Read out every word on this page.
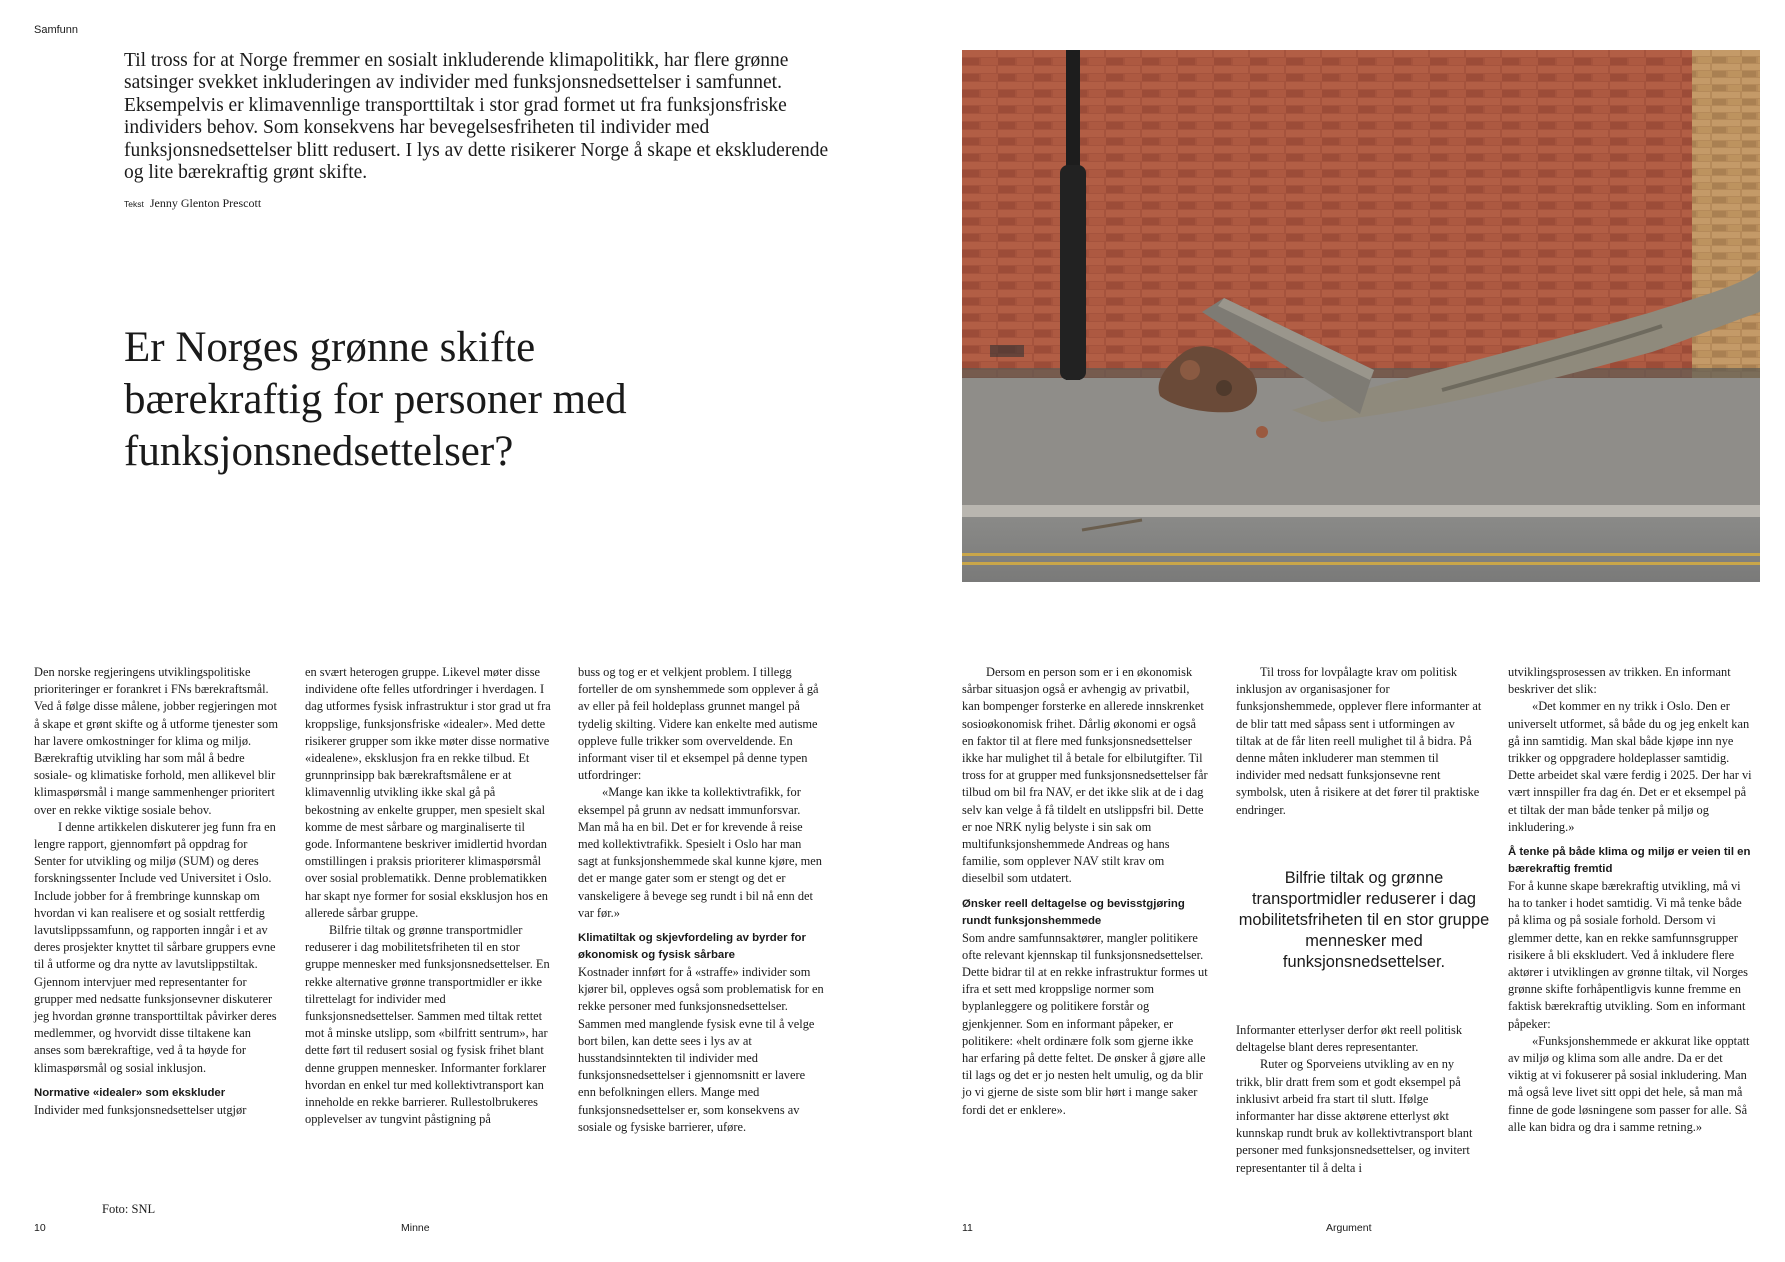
Samfunn
Til tross for at Norge fremmer en sosialt inkluderende klimapolitikk, har flere grønne satsinger svekket inkluderingen av individer med funksjonsnedsettelser i samfunnet. Eksempelvis er klimavennlige transporttiltak i stor grad formet ut fra funksjonsfriske individers behov. Som konsekvens har bevegelsesfriheten til individer med funksjonsnedsettelser blitt redusert. I lys av dette risikerer Norge å skape et ekskluderende og lite bærekraftig grønt skifte.
Tekst Jenny Glenton Prescott
Er Norges grønne skifte bærekraftig for personer med funksjonsnedsettelser?

Den norske regjeringens utviklingspolitiske prioriteringer er forankret i FNs bærekraftsmål. Ved å følge disse målene, jobber regjeringen mot å skape et grønt skifte og å utforme tjenester som har lavere omkostninger for klima og miljø. Bærekraftig utvikling har som mål å bedre sosiale- og klimatiske forhold, men allikevel blir klimaspørsmål i mange sammenhenger prioritert over en rekke viktige sosiale behov.

I denne artikkelen diskuterer jeg funn fra en lengre rapport, gjennomført på oppdrag for Senter for utvikling og miljø (SUM) og deres forskningssenter Include ved Universitet i Oslo. Include jobber for å frembringe kunnskap om hvordan vi kan realisere et og sosialt rettferdig lavutslippssamfunn, og rapporten inngår i et av deres prosjekter knyttet til sårbare gruppers evne til å utforme og dra nytte av lavutslippstiltak. Gjennom intervjuer med representanter for grupper med nedsatte funksjonsevner diskuterer jeg hvordan grønne transporttiltak påvirker deres medlemmer, og hvorvidt disse tiltakene kan anses som bærekraftige, ved å ta høyde for klimaspørsmål og sosial inklusjon.

Normative «idealer» som ekskluder

Individer med funksjonsnedsettelser utgjør

en svært heterogen gruppe. Likevel møter disse individene ofte felles utfordringer i hverdagen. I dag utformes fysisk infrastruktur i stor grad ut fra kroppslige, funksjonsfriske «idealer». Med dette risikerer grupper som ikke møter disse normative «idealene», eksklusjon fra en rekke tilbud. Et grunnprinsipp bak bærekraftsmålene er at klimavennlig utvikling ikke skal gå på bekostning av enkelte grupper, men spesielt skal komme de mest sårbare og marginaliserte til gode. Informantene beskriver imidlertid hvordan omstillingen i praksis prioriterer klimaspørsmål over sosial problematikk. Denne problematikken har skapt nye former for sosial eksklusjon hos en allerede sårbar gruppe.

Bilfrie tiltak og grønne transportmidler reduserer i dag mobilitetsfriheten til en stor gruppe mennesker med funksjonsnedsettelser. En rekke alternative grønne transportmidler er ikke tilrettelagt for individer med funksjonsnedsettelser. Sammen med tiltak rettet mot å minske utslipp, som «bilfritt sentrum», har dette ført til redusert sosial og fysisk frihet blant denne gruppen mennesker. Informanter forklarer hvordan en enkel tur med kollektivtransport kan inneholde en rekke barrierer. Rullestolbrukeres opplevelser av tungvint påstigning på

buss og tog er et velkjent problem. I tillegg forteller de om synshemmede som opplever å gå av eller på feil holdeplass grunnet mangel på tydelig skilting. Videre kan enkelte med autisme oppleve fulle trikker som overveldende. En informant viser til et eksempel på denne typen utfordringer:

«Mange kan ikke ta kollektivtrafikk, for eksempel på grunn av nedsatt immunforsvar. Man må ha en bil. Det er for krevende å reise med kollektivtrafikk. Spesielt i Oslo har man sagt at funksjonshemmede skal kunne kjøre, men det er mange gater som er stengt og det er vanskeligere å bevege seg rundt i bil nå enn det var før.»

Klimatiltak og skjevfordeling av byrder for økonomisk og fysisk sårbare

Kostnader innført for å «straffe» individer som kjører bil, oppleves også som problematisk for en rekke personer med funksjonsnedsettelser. Sammen med manglende fysisk evne til å velge bort bilen, kan dette sees i lys av at husstandsinntekten til individer med funksjonsnedsettelser i gjennomsnitt er lavere enn befolkningen ellers. Mange med funksjonsnedsettelser er, som konsekvens av sosiale og fysiske barrierer, uføre.

Dersom en person som er i en økonomisk sårbar situasjon også er avhengig av privatbil, kan bompenger forsterke en allerede innskrenket sosioøkonomisk frihet. Dårlig økonomi er også en faktor til at flere med funksjonsnedsettelser ikke har mulighet til å betale for elbilutgifter. Til tross for at grupper med funksjonsnedsettelser får tilbud om bil fra NAV, er det ikke slik at de i dag selv kan velge å få tildelt en utslippsfri bil. Dette er noe NRK nylig belyste i sin sak om multifunksjonshemmede Andreas og hans familie, som opplever NAV stilt krav om dieselbil som utdatert.

Ønsker reell deltagelse og bevisstgjøring rundt funksjonshemmede

Som andre samfunnsaktører, mangler politikere ofte relevant kjennskap til funksjonsnedsettelser. Dette bidrar til at en rekke infrastruktur formes ut ifra et sett med kroppslige normer som byplanleggere og politikere forstår og gjenkjenner. Som en informant påpeker, er politikere: «helt ordinære folk som gjerne ikke har erfaring på dette feltet. De ønsker å gjøre alle til lags og det er jo nesten helt umulig, og da blir jo vi gjerne de siste som blir hørt i mange saker fordi det er enklere».

Til tross for lovpålagte krav om politisk inklusjon av organisasjoner for funksjonshemmede, opplever flere informanter at de blir tatt med såpass sent i utformingen av tiltak at de får liten reell mulighet til å bidra. På denne måten inkluderer man stemmen til individer med nedsatt funksjonsevne rent symbolsk, uten å risikere at det fører til praktiske endringer.

Informanter etterlyser derfor økt reell politisk deltagelse blant deres representanter.

Ruter og Sporveiens utvikling av en ny trikk, blir dratt frem som et godt eksempel på inklusivt arbeid fra start til slutt. Ifølge informanter har disse aktørene etterlyst økt kunnskap rundt bruk av kollektivtransport blant personer med funksjonsnedsettelser, og invitert representanter til å delta i

utviklingsprosessen av trikken. En informant beskriver det slik:

«Det kommer en ny trikk i Oslo. Den er universelt utformet, så både du og jeg enkelt kan gå inn samtidig. Man skal både kjøpe inn nye trikker og oppgradere holdeplasser samtidig. Dette arbeidet skal være ferdig i 2025. Der har vi vært innspiller fra dag én. Det er et eksempel på et tiltak der man både tenker på miljø og inkludering.»

Å tenke på både klima og miljø er veien til en bærekraftig fremtid

For å kunne skape bærekraftig utvikling, må vi ha to tanker i hodet samtidig. Vi må tenke både på klima og på sosiale forhold. Dersom vi glemmer dette, kan en rekke samfunnsgrupper risikere å bli ekskludert. Ved å inkludere flere aktører i utviklingen av grønne tiltak, vil Norges grønne skifte forhåpentligvis kunne fremme en faktisk bærekraftig utvikling. Som en informant påpeker:

«Funksjonshemmede er akkurat like opptatt av miljø og klima som alle andre. Da er det viktig at vi fokuserer på sosial inkludering. Man må også leve livet sitt oppi det hele, så man må finne de gode løsningene som passer for alle. Så alle kan bidra og dra i samme retning.»

Bilfrie tiltak og grønne transportmidler reduserer i dag mobilitetsfriheten til en stor gruppe mennesker med funksjonsnedsettelser.
Foto: SNL
10	Minne	11	Argument
